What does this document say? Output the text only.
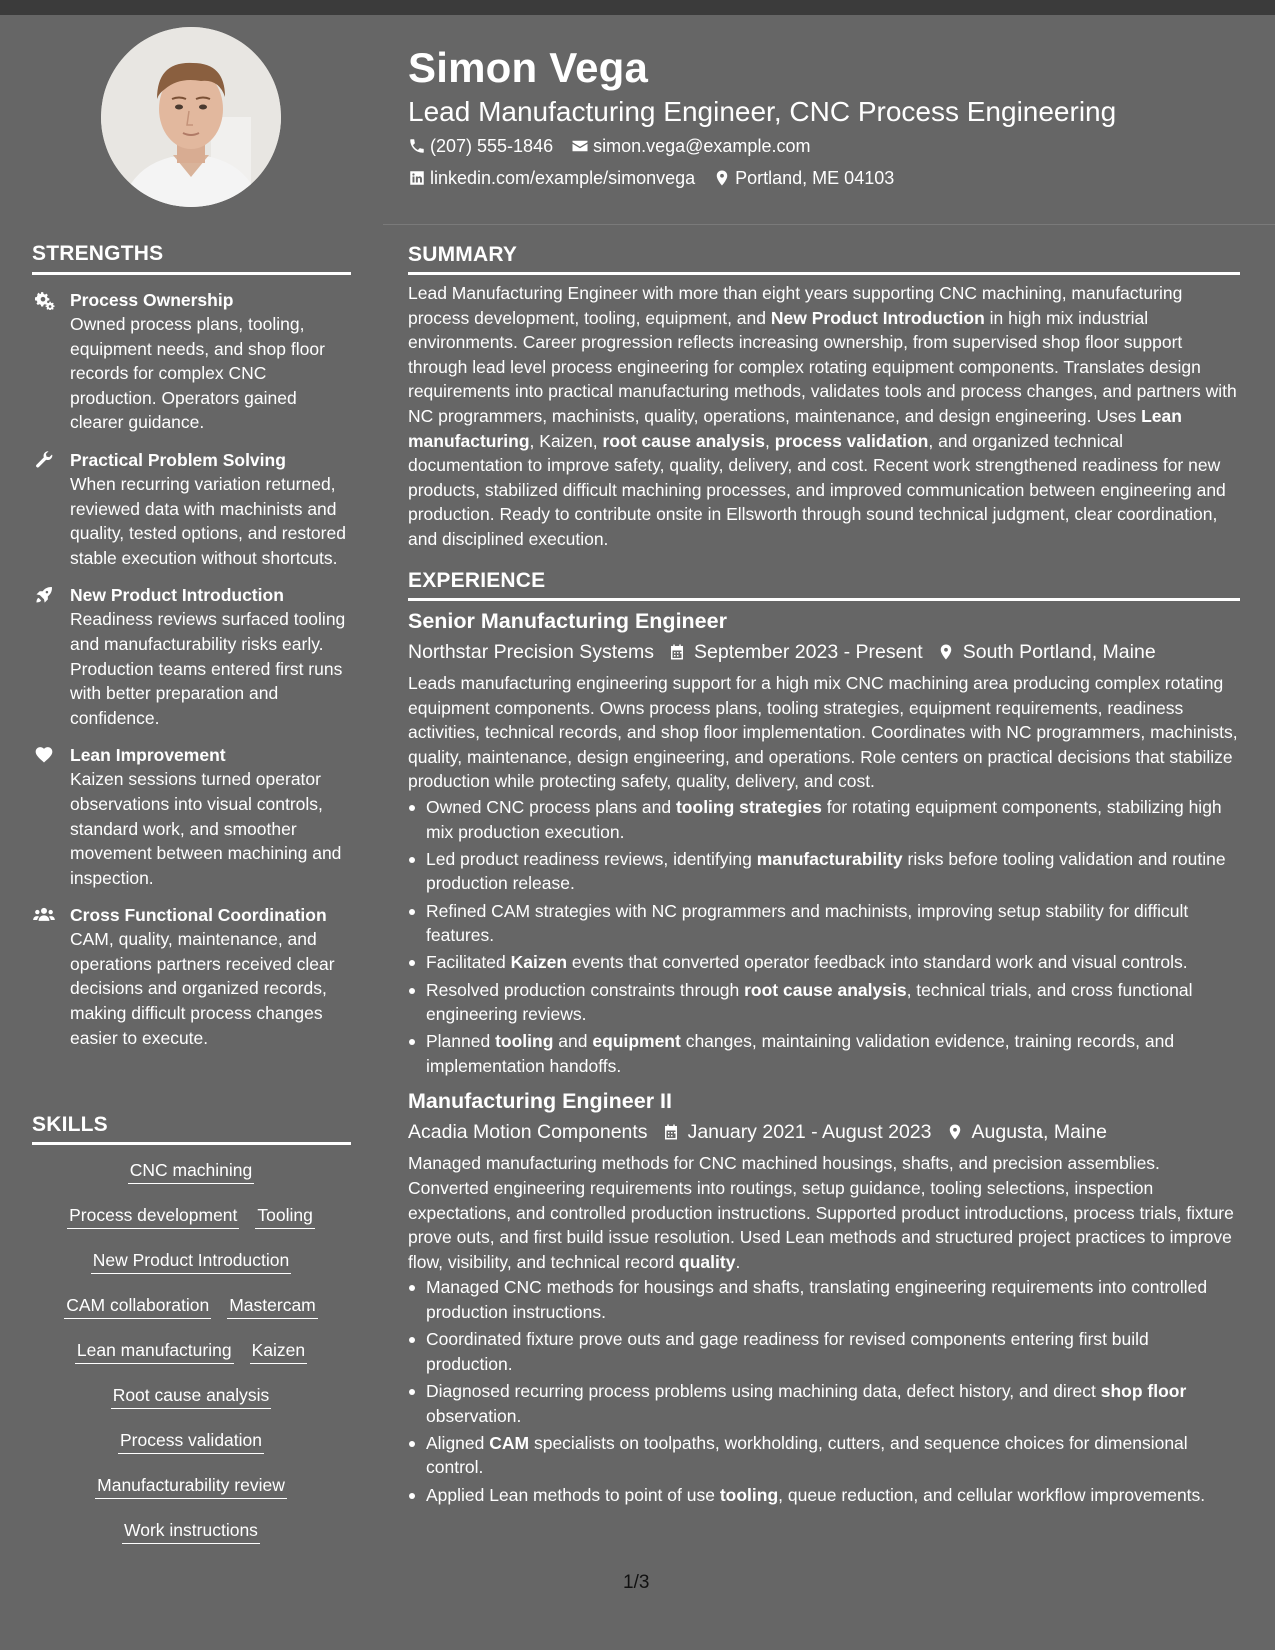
Simon Vega
Lead Manufacturing Engineer, CNC Process Engineering
(207) 555-1846 simon.vega@example.com
linkedin.com/example/simonvega Portland, ME 04103
STRENGTHS
Process Ownership
Owned process plans, tooling, equipment needs, and shop floor records for complex CNC production. Operators gained clearer guidance.
Practical Problem Solving
When recurring variation returned, reviewed data with machinists and quality, tested options, and restored stable execution without shortcuts.
New Product Introduction
Readiness reviews surfaced tooling and manufacturability risks early. Production teams entered first runs with better preparation and confidence.
Lean Improvement
Kaizen sessions turned operator observations into visual controls, standard work, and smoother movement between machining and inspection.
Cross Functional Coordination
CAM, quality, maintenance, and operations partners received clear decisions and organized records, making difficult process changes easier to execute.
SKILLS
CNC machining
Process development Tooling
New Product Introduction
CAM collaboration Mastercam
Lean manufacturing Kaizen
Root cause analysis
Process validation
Manufacturability review
Work instructions
SUMMARY
Lead Manufacturing Engineer with more than eight years supporting CNC machining, manufacturing process development, tooling, equipment, and New Product Introduction in high mix industrial environments. Career progression reflects increasing ownership, from supervised shop floor support through lead level process engineering for complex rotating equipment components. Translates design requirements into practical manufacturing methods, validates tools and process changes, and partners with NC programmers, machinists, quality, operations, maintenance, and design engineering. Uses Lean manufacturing, Kaizen, root cause analysis, process validation, and organized technical documentation to improve safety, quality, delivery, and cost. Recent work strengthened readiness for new products, stabilized difficult machining processes, and improved communication between engineering and production. Ready to contribute onsite in Ellsworth through sound technical judgment, clear coordination, and disciplined execution.
EXPERIENCE
Senior Manufacturing Engineer
Northstar Precision Systems September 2023 - Present South Portland, Maine
Leads manufacturing engineering support for a high mix CNC machining area producing complex rotating equipment components. Owns process plans, tooling strategies, equipment requirements, readiness activities, technical records, and shop floor implementation. Coordinates with NC programmers, machinists, quality, maintenance, design engineering, and operations. Role centers on practical decisions that stabilize production while protecting safety, quality, delivery, and cost.
Owned CNC process plans and tooling strategies for rotating equipment components, stabilizing high mix production execution.
Led product readiness reviews, identifying manufacturability risks before tooling validation and routine production release.
Refined CAM strategies with NC programmers and machinists, improving setup stability for difficult features.
Facilitated Kaizen events that converted operator feedback into standard work and visual controls.
Resolved production constraints through root cause analysis, technical trials, and cross functional engineering reviews.
Planned tooling and equipment changes, maintaining validation evidence, training records, and implementation handoffs.
Manufacturing Engineer II
Acadia Motion Components January 2021 - August 2023 Augusta, Maine
Managed manufacturing methods for CNC machined housings, shafts, and precision assemblies. Converted engineering requirements into routings, setup guidance, tooling selections, inspection expectations, and controlled production instructions. Supported product introductions, process trials, fixture prove outs, and first build issue resolution. Used Lean methods and structured project practices to improve flow, visibility, and technical record quality.
Managed CNC methods for housings and shafts, translating engineering requirements into controlled production instructions.
Coordinated fixture prove outs and gage readiness for revised components entering first build production.
Diagnosed recurring process problems using machining data, defect history, and direct shop floor observation.
Aligned CAM specialists on toolpaths, workholding, cutters, and sequence choices for dimensional control.
Applied Lean methods to point of use tooling, queue reduction, and cellular workflow improvements.
1/3
